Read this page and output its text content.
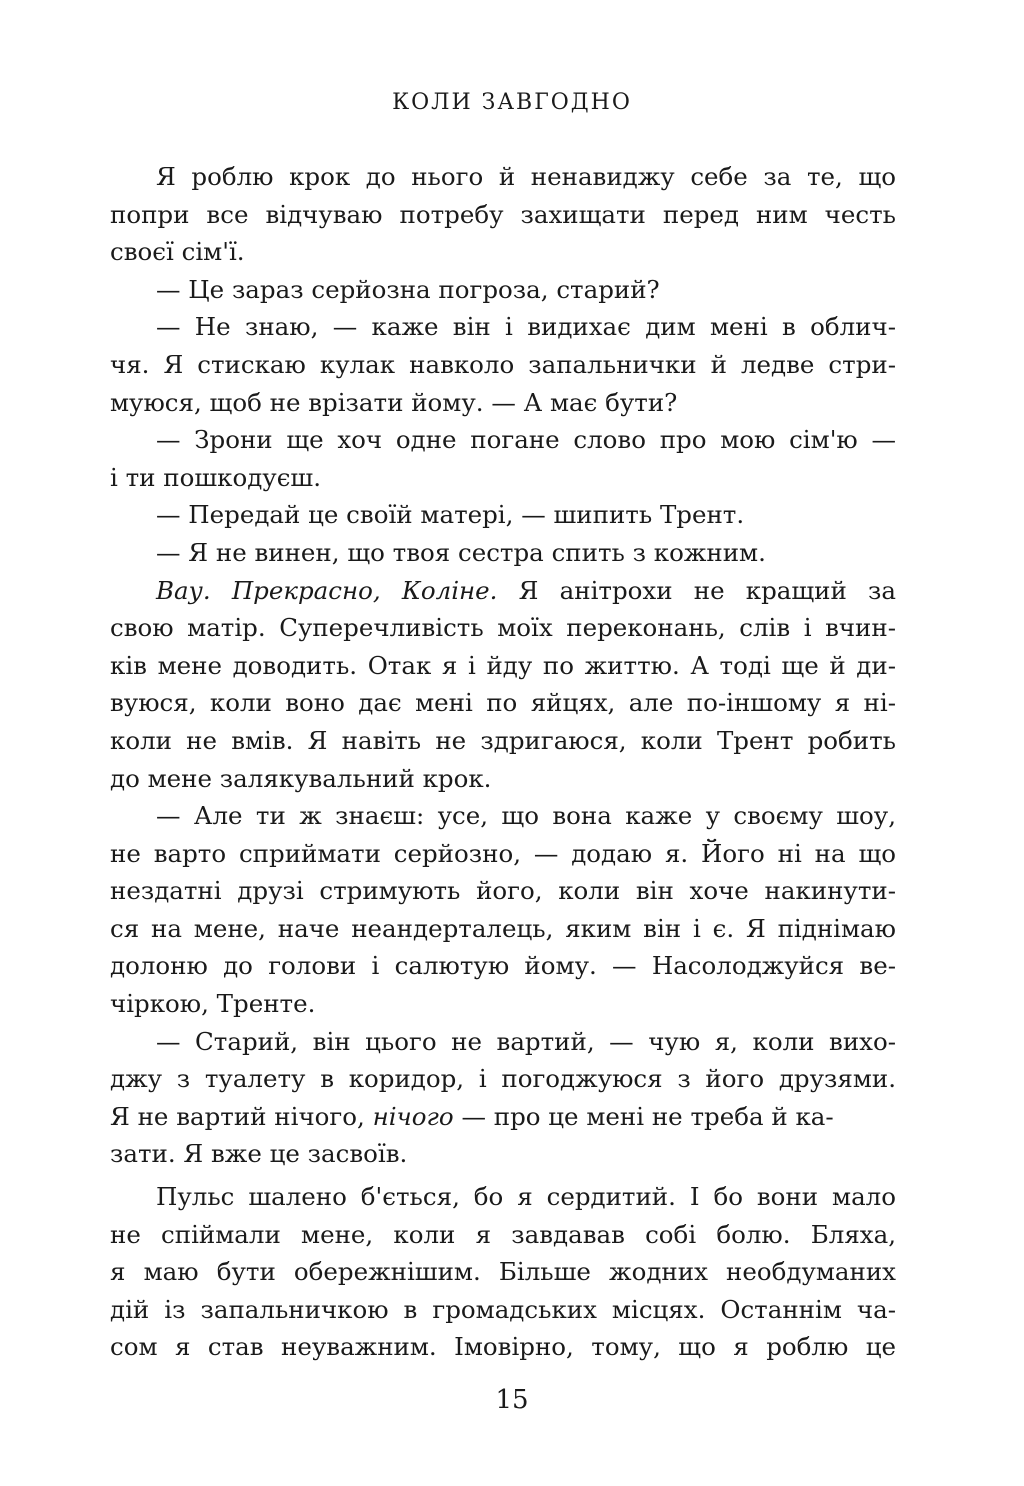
КОЛИ ЗАВГОДНО
Я роблю крок до нього й ненавиджу себе за те, що
попри все відчуваю потребу захищати перед ним честь
своєї сім'ї.
— Це зараз серйозна погроза, старий?
— Не знаю, — каже він і видихає дим мені в облич-
чя. Я стискаю кулак навколо запальнички й ледве стри-
муюся, щоб не врізати йому. — А має бути?
— Зрони ще хоч одне погане слово про мою сім'ю —
і ти пошкодуєш.
— Передай це своїй матері, — шипить Трент.
— Я не винен, що твоя сестра спить з кожним.
Вау. Прекрасно, Коліне. Я анітрохи не кращий за
свою матір. Суперечливість моїх переконань, слів і вчин-
ків мене доводить. Отак я і йду по життю. А тоді ще й ди-
вуюся, коли воно дає мені по яйцях, але по-іншому я ні-
коли не вмів. Я навіть не здригаюся, коли Трент робить
до мене залякувальний крок.
— Але ти ж знаєш: усе, що вона каже у своєму шоу,
не варто сприймати серйозно, — додаю я. Його ні на що
нездатні друзі стримують його, коли він хоче накинути-
ся на мене, наче неандерталець, яким він і є. Я піднімаю
долоню до голови і салютую йому. — Насолоджуйся ве-
чіркою, Тренте.
— Старий, він цього не вартий, — чую я, коли вихо-
джу з туалету в коридор, і погоджуюся з його друзями.
Я не вартий нічого, нічого — про це мені не треба й ка-
зати. Я вже це засвоїв.
Пульс шалено б'ється, бо я сердитий. І бо вони мало
не спіймали мене, коли я завдавав собі болю. Бляха,
я маю бути обережнішим. Більше жодних необдуманих
дій із запальничкою в громадських місцях. Останнім ча-
сом я став неуважним. Імовірно, тому, що я роблю це
15
